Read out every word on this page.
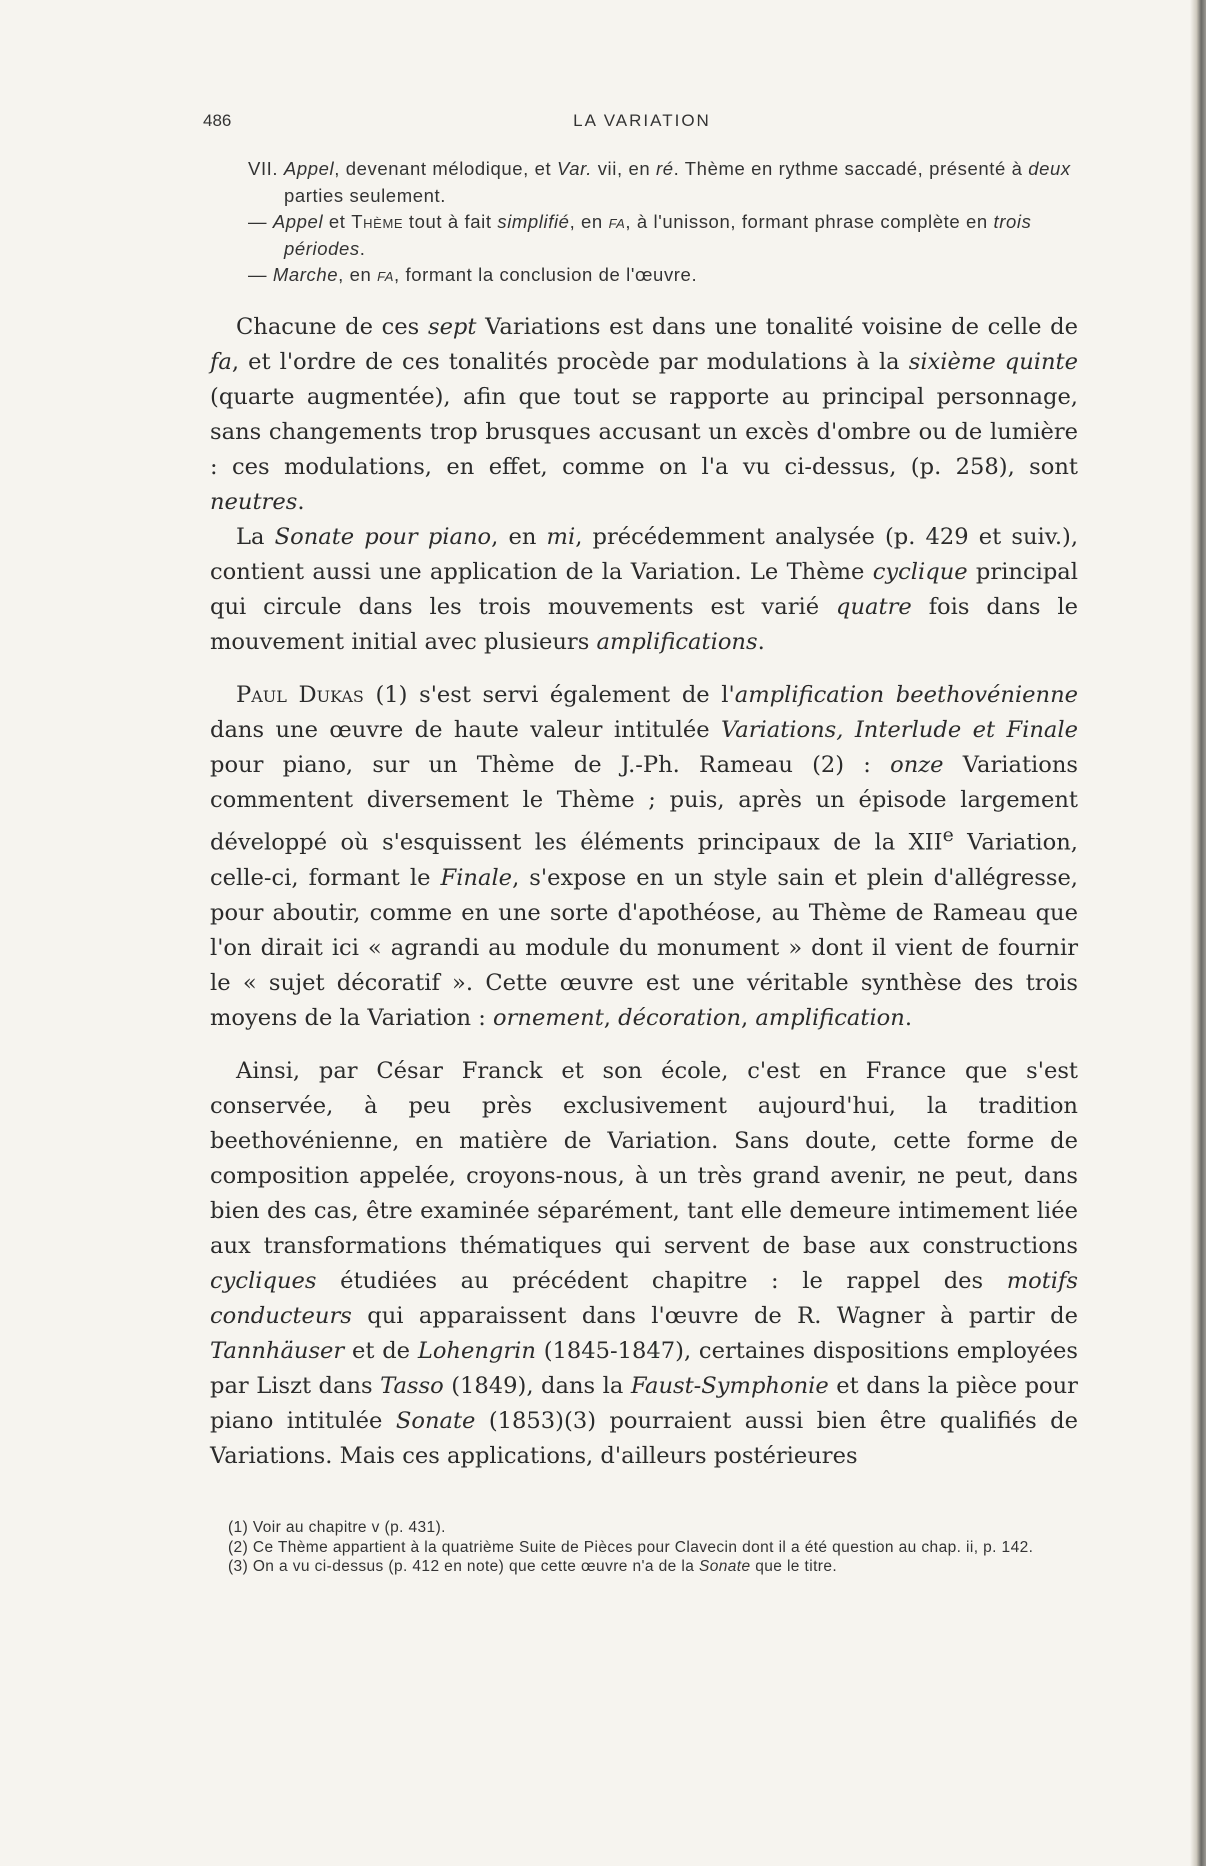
486	LA VARIATION

VII. Appel, devenant mélodique, et Var. vii, en ré. Thème en rythme saccadé, présenté à deux parties seulement.

— Appel et Thème tout à fait simplifié, en fa, à l'unisson, formant phrase complète en trois périodes.

— Marche, en fa, formant la conclusion de l'œuvre.

Chacune de ces sept Variations est dans une tonalité voisine de celle de fa, et l'ordre de ces tonalités procède par modulations à la sixième quinte (quarte augmentée), afin que tout se rapporte au principal personnage, sans changements trop brusques accusant un excès d'ombre ou de lumière : ces modulations, en effet, comme on l'a vu ci-dessus, (p. 258), sont neutres.

La Sonate pour piano, en mi, précédemment analysée (p. 429 et suiv.), contient aussi une application de la Variation. Le Thème cyclique principal qui circule dans les trois mouvements est varié quatre fois dans le mouvement initial avec plusieurs amplifications.

Paul Dukas (1) s'est servi également de l'amplification beethovénienne dans une œuvre de haute valeur intitulée Variations, Interlude et Finale pour piano, sur un Thème de J.-Ph. Rameau (2) : onze Variations commentent diversement le Thème ; puis, après un épisode largement développé où s'esquissent les éléments principaux de la XIIe Variation, celle-ci, formant le Finale, s'expose en un style sain et plein d'allégresse, pour aboutir, comme en une sorte d'apothéose, au Thème de Rameau que l'on dirait ici « agrandi au module du monument » dont il vient de fournir le « sujet décoratif ». Cette œuvre est une véritable synthèse des trois moyens de la Variation : ornement, décoration, amplification.

Ainsi, par César Franck et son école, c'est en France que s'est conservée, à peu près exclusivement aujourd'hui, la tradition beethovénienne, en matière de Variation. Sans doute, cette forme de composition appelée, croyons-nous, à un très grand avenir, ne peut, dans bien des cas, être examinée séparément, tant elle demeure intimement liée aux transformations thématiques qui servent de base aux constructions cycliques étudiées au précédent chapitre : le rappel des motifs conducteurs qui apparaissent dans l'œuvre de R. Wagner à partir de Tannhäuser et de Lohengrin (1845-1847), certaines dispositions employées par Liszt dans Tasso (1849), dans la Faust-Symphonie et dans la pièce pour piano intitulée Sonate (1853)(3) pourraient aussi bien être qualifiés de Variations. Mais ces applications, d'ailleurs postérieures

(1) Voir au chapitre v (p. 431).

(2) Ce Thème appartient à la quatrième Suite de Pièces pour Clavecin dont il a été question au chap. ii, p. 142.

(3) On a vu ci-dessus (p. 412 en note) que cette œuvre n'a de la Sonate que le titre.
